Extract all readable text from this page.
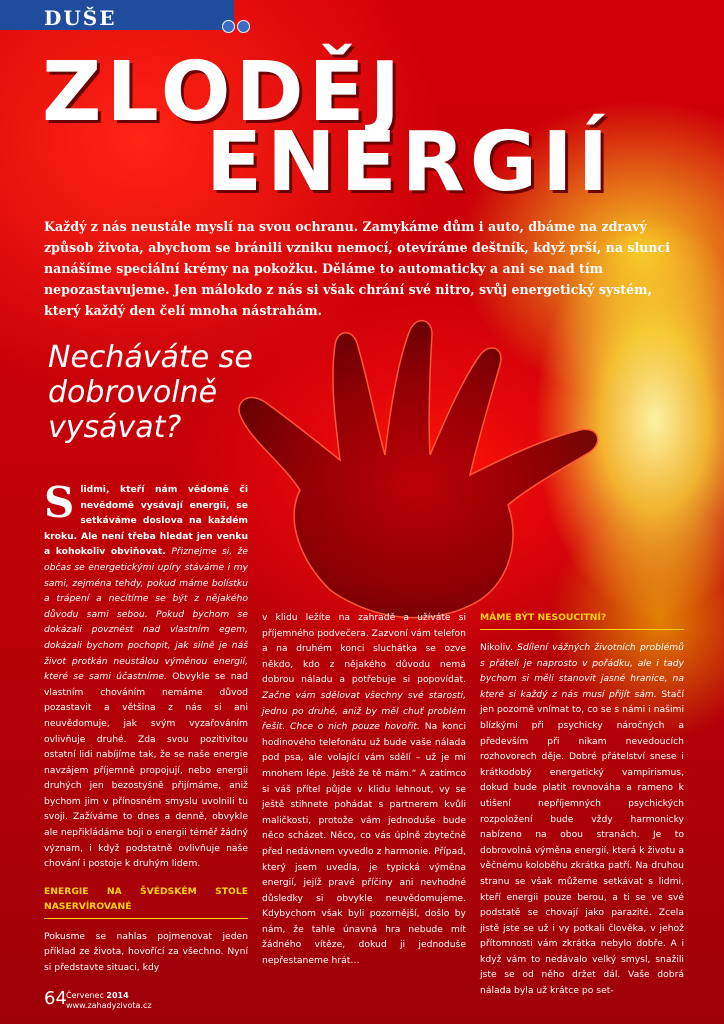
DUŠE
ZLODĚJ
ENERGIÍ

Každý z nás neustále myslí na svou ochranu. Zamykáme dům i auto, dbáme na zdravý způsob života, abychom se bránili vzniku nemocí, otevíráme deštník, když prší, na slunci nanášíme speciální krémy na pokožku. Děláme to automaticky a ani se nad tím nepozastavujeme. Jen málokdo z nás si však chrání své nitro, svůj energetický systém, který každý den čelí mnoha nástrahám.

Necháváte se dobrovolně vysávat?

S lidmi, kteří nám vědomě či nevědomě vysávají energii, se setkáváme doslova na každém kroku. Ale není třeba hledat jen venku a kohokoliv obviňovat. Přiznejme si, že občas se energetickými upíry stáváme i my sami, zejména tehdy, pokud máme bolístku a trápení a necítíme se být z nějakého důvodu sami sebou. Pokud bychom se dokázali povznést nad vlastním egem, dokázali bychom pochopit, jak silně je náš život protkán neustálou výměnou energií, které se sami účastníme. Obvykle se nad vlastním chováním nemáme důvod pozastavit a většina z nás si ani neuvědomuje, jak svým vyzařováním ovlivňuje druhé. Zda svou pozitivitou ostatní lidi nabíjíme tak, že se naše energie navzájem příjemně propojují, nebo energii druhých jen bezostyšně přijímáme, aniž bychom jim v přínosném smyslu uvolnili tu svoji. Zažíváme to dnes a denně, obvykle ale nepřikládáme boji o energii téměř žádný význam, i když podstatně ovlivňuje naše chování i postoje k druhým lidem.

ENERGIE NA ŠVÉDSKÉM STOLE NASERVÍROVANÉ

Pokusme se nahlas pojmenovat jeden příklad ze života, hovořící za všechno. Nyní si představte situaci, kdy

v klidu ležíte na zahradě a užíváte si příjemného podvečera. Zazvoní vám telefon a na druhém konci sluchátka se ozve někdo, kdo z nějakého důvodu nemá dobrou náladu a potřebuje si popovídat. Začne vám sdělovat všechny své starosti, jednu po druhé, aniž by měl chuť problém řešit. Chce o nich pouze hovořit. Na konci hodinového telefonátu už bude vaše nálada pod psa, ale volající vám sdělí – už je mi mnohem lépe. Ještě že tě mám.“ A zatímco si váš přítel půjde v klidu lehnout, vy se ještě stihnete pohádat s partnerem kvůli maličkosti, protože vám jednoduše bude něco scházet. Něco, co vás úplně zbytečně před nedávnem vyvedlo z harmonie. Případ, který jsem uvedla, je typická výměna energií, jejíž pravé příčiny ani nevhodné důsledky si obvykle neuvědomujeme. Kdybychom však byli pozornější, došlo by nám, že tahle únavná hra nebude mít žádného vítěze, dokud ji jednoduše nepřestaneme hrát…

MÁME BÝT NESOUCITNÍ?

Nikoliv. Sdílení vážných životních problémů s přáteli je naprosto v pořádku, ale i tady bychom si měli stanovit jasné hranice, na které si každý z nás musí přijít sám. Stačí jen pozorně vnímat to, co se s námi i našimi blízkými při psychicky náročných a především při nikam nevedoucích rozhovorech děje. Dobré přátelství snese i krátkodobý energetický vampirismus, dokud bude platit rovnováha a rameno k utišení nepříjemných psychických rozpoložení bude vždy harmonicky nabízeno na obou stranách. Je to dobrovolná výměna energií, která k životu a věčnému koloběhu zkrátka patří. Na druhou stranu se však můžeme setkávat s lidmi, kteří energii pouze berou, a ti se ve své podstatě se chovají jako parazité. Zcela jistě jste se už i vy potkali člověka, v jehož přítomnosti vám zkrátka nebylo dobře. A i když vám to nedávalo velký smysl, snažili jste se od něho držet dál. Vaše dobrá nálada byla už krátce po set-

64 Červenec 2014
www.zahadyzivota.cz
